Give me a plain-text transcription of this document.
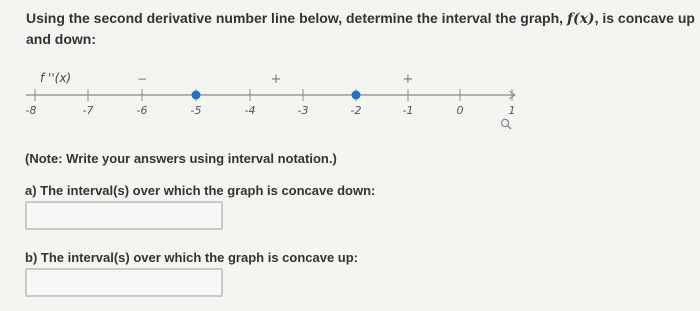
Using the second derivative number line below, determine the interval the graph, f(x), is concave up and down:
f ''(x)
-8	-7	-6	-5	-4	-3	-2	-1	0	1
−	+	+
(Note: Write your answers using interval notation.)
a) The interval(s) over which the graph is concave down:
b) The interval(s) over which the graph is concave up:
